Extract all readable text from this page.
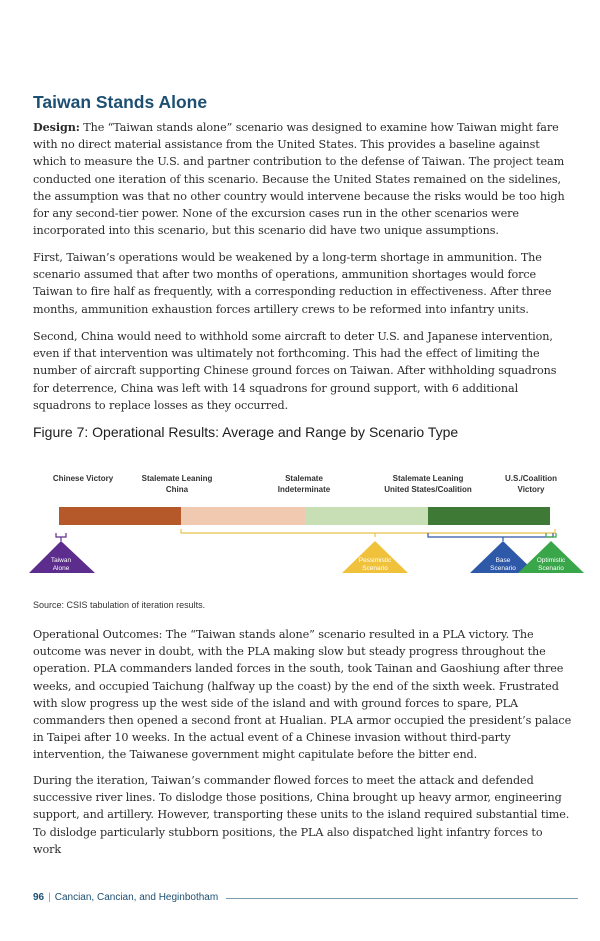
Taiwan Stands Alone

Design: The “Taiwan stands alone” scenario was designed to examine how Taiwan might fare with no direct material assistance from the United States. This provides a baseline against which to measure the U.S. and partner contribution to the defense of Taiwan. The project team conducted one iteration of this scenario. Because the United States remained on the sidelines, the assumption was that no other country would intervene because the risks would be too high for any second-tier power. None of the excursion cases run in the other scenarios were incorporated into this scenario, but this scenario did have two unique assumptions.

First, Taiwan’s operations would be weakened by a long-term shortage in ammunition. The scenario assumed that after two months of operations, ammunition shortages would force Taiwan to fire half as frequently, with a corresponding reduction in effectiveness. After three months, ammunition exhaustion forces artillery crews to be reformed into infantry units.

Second, China would need to withhold some aircraft to deter U.S. and Japanese intervention, even if that intervention was ultimately not forthcoming. This had the effect of limiting the number of aircraft supporting Chinese ground forces on Taiwan. After withholding squadrons for deterrence, China was left with 14 squadrons for ground support, with 6 additional squadrons to replace losses as they occurred.

Figure 7: Operational Results: Average and Range by Scenario Type

Source: CSIS tabulation of iteration results.

Operational Outcomes: The “Taiwan stands alone” scenario resulted in a PLA victory. The outcome was never in doubt, with the PLA making slow but steady progress throughout the operation. PLA commanders landed forces in the south, took Tainan and Gaoshiung after three weeks, and occupied Taichung (halfway up the coast) by the end of the sixth week. Frustrated with slow progress up the west side of the island and with ground forces to spare, PLA commanders then opened a second front at Hualian. PLA armor occupied the president’s palace in Taipei after 10 weeks. In the actual event of a Chinese invasion without third-party intervention, the Taiwanese government might capitulate before the bitter end.

During the iteration, Taiwan’s commander flowed forces to meet the attack and defended successive river lines. To dislodge those positions, China brought up heavy armor, engineering support, and artillery. However, transporting these units to the island required substantial time. To dislodge particularly stubborn positions, the PLA also dispatched light infantry forces to work

Chinese Victory	Stalemate Leaning
China
Stalemate
Indeterminate
Stalemate Leaning
United States/Coalition
U.S./Coalition
Victory
Taiwan
Alone
Pessimistic
Scenario
Base
Scenario
Optimistic
Scenario
96 | Cancian, Cancian, and Heginbotham
